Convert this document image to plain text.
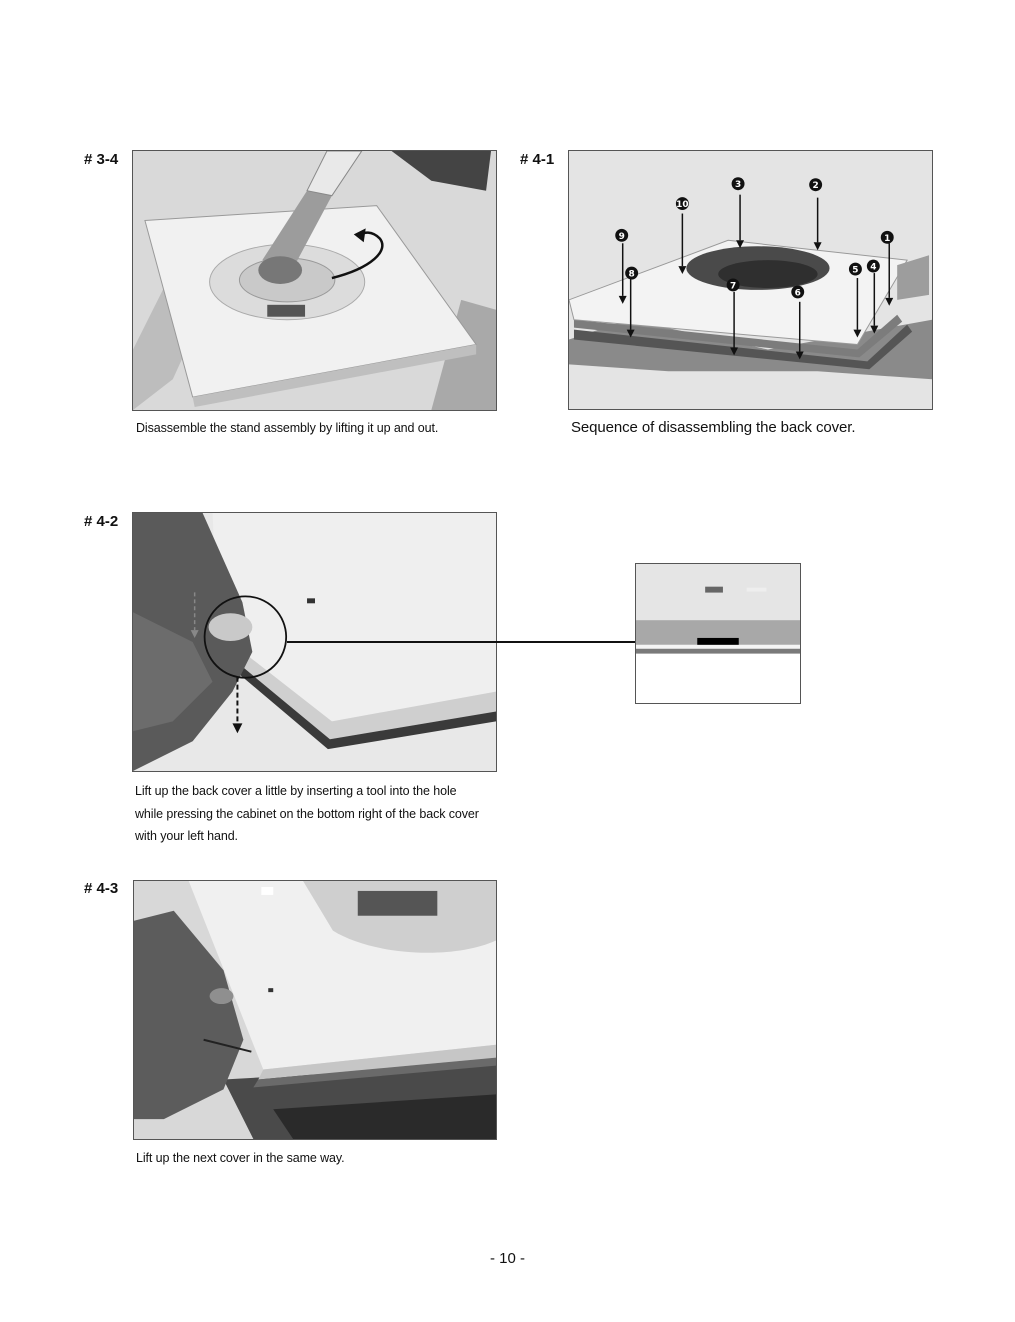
# 3-4
Disassemble the stand assembly by lifting it up and out.
# 4-1
1
2
3
4
5
6
7
8
9
10
Sequence of disassembling the back cover.
# 4-2
Lift up the back cover a little by inserting a tool into the hole
while pressing the cabinet on the bottom right of the back cover
with your left hand.
# 4-3
Lift up the next cover in the same way.
- 10 -
